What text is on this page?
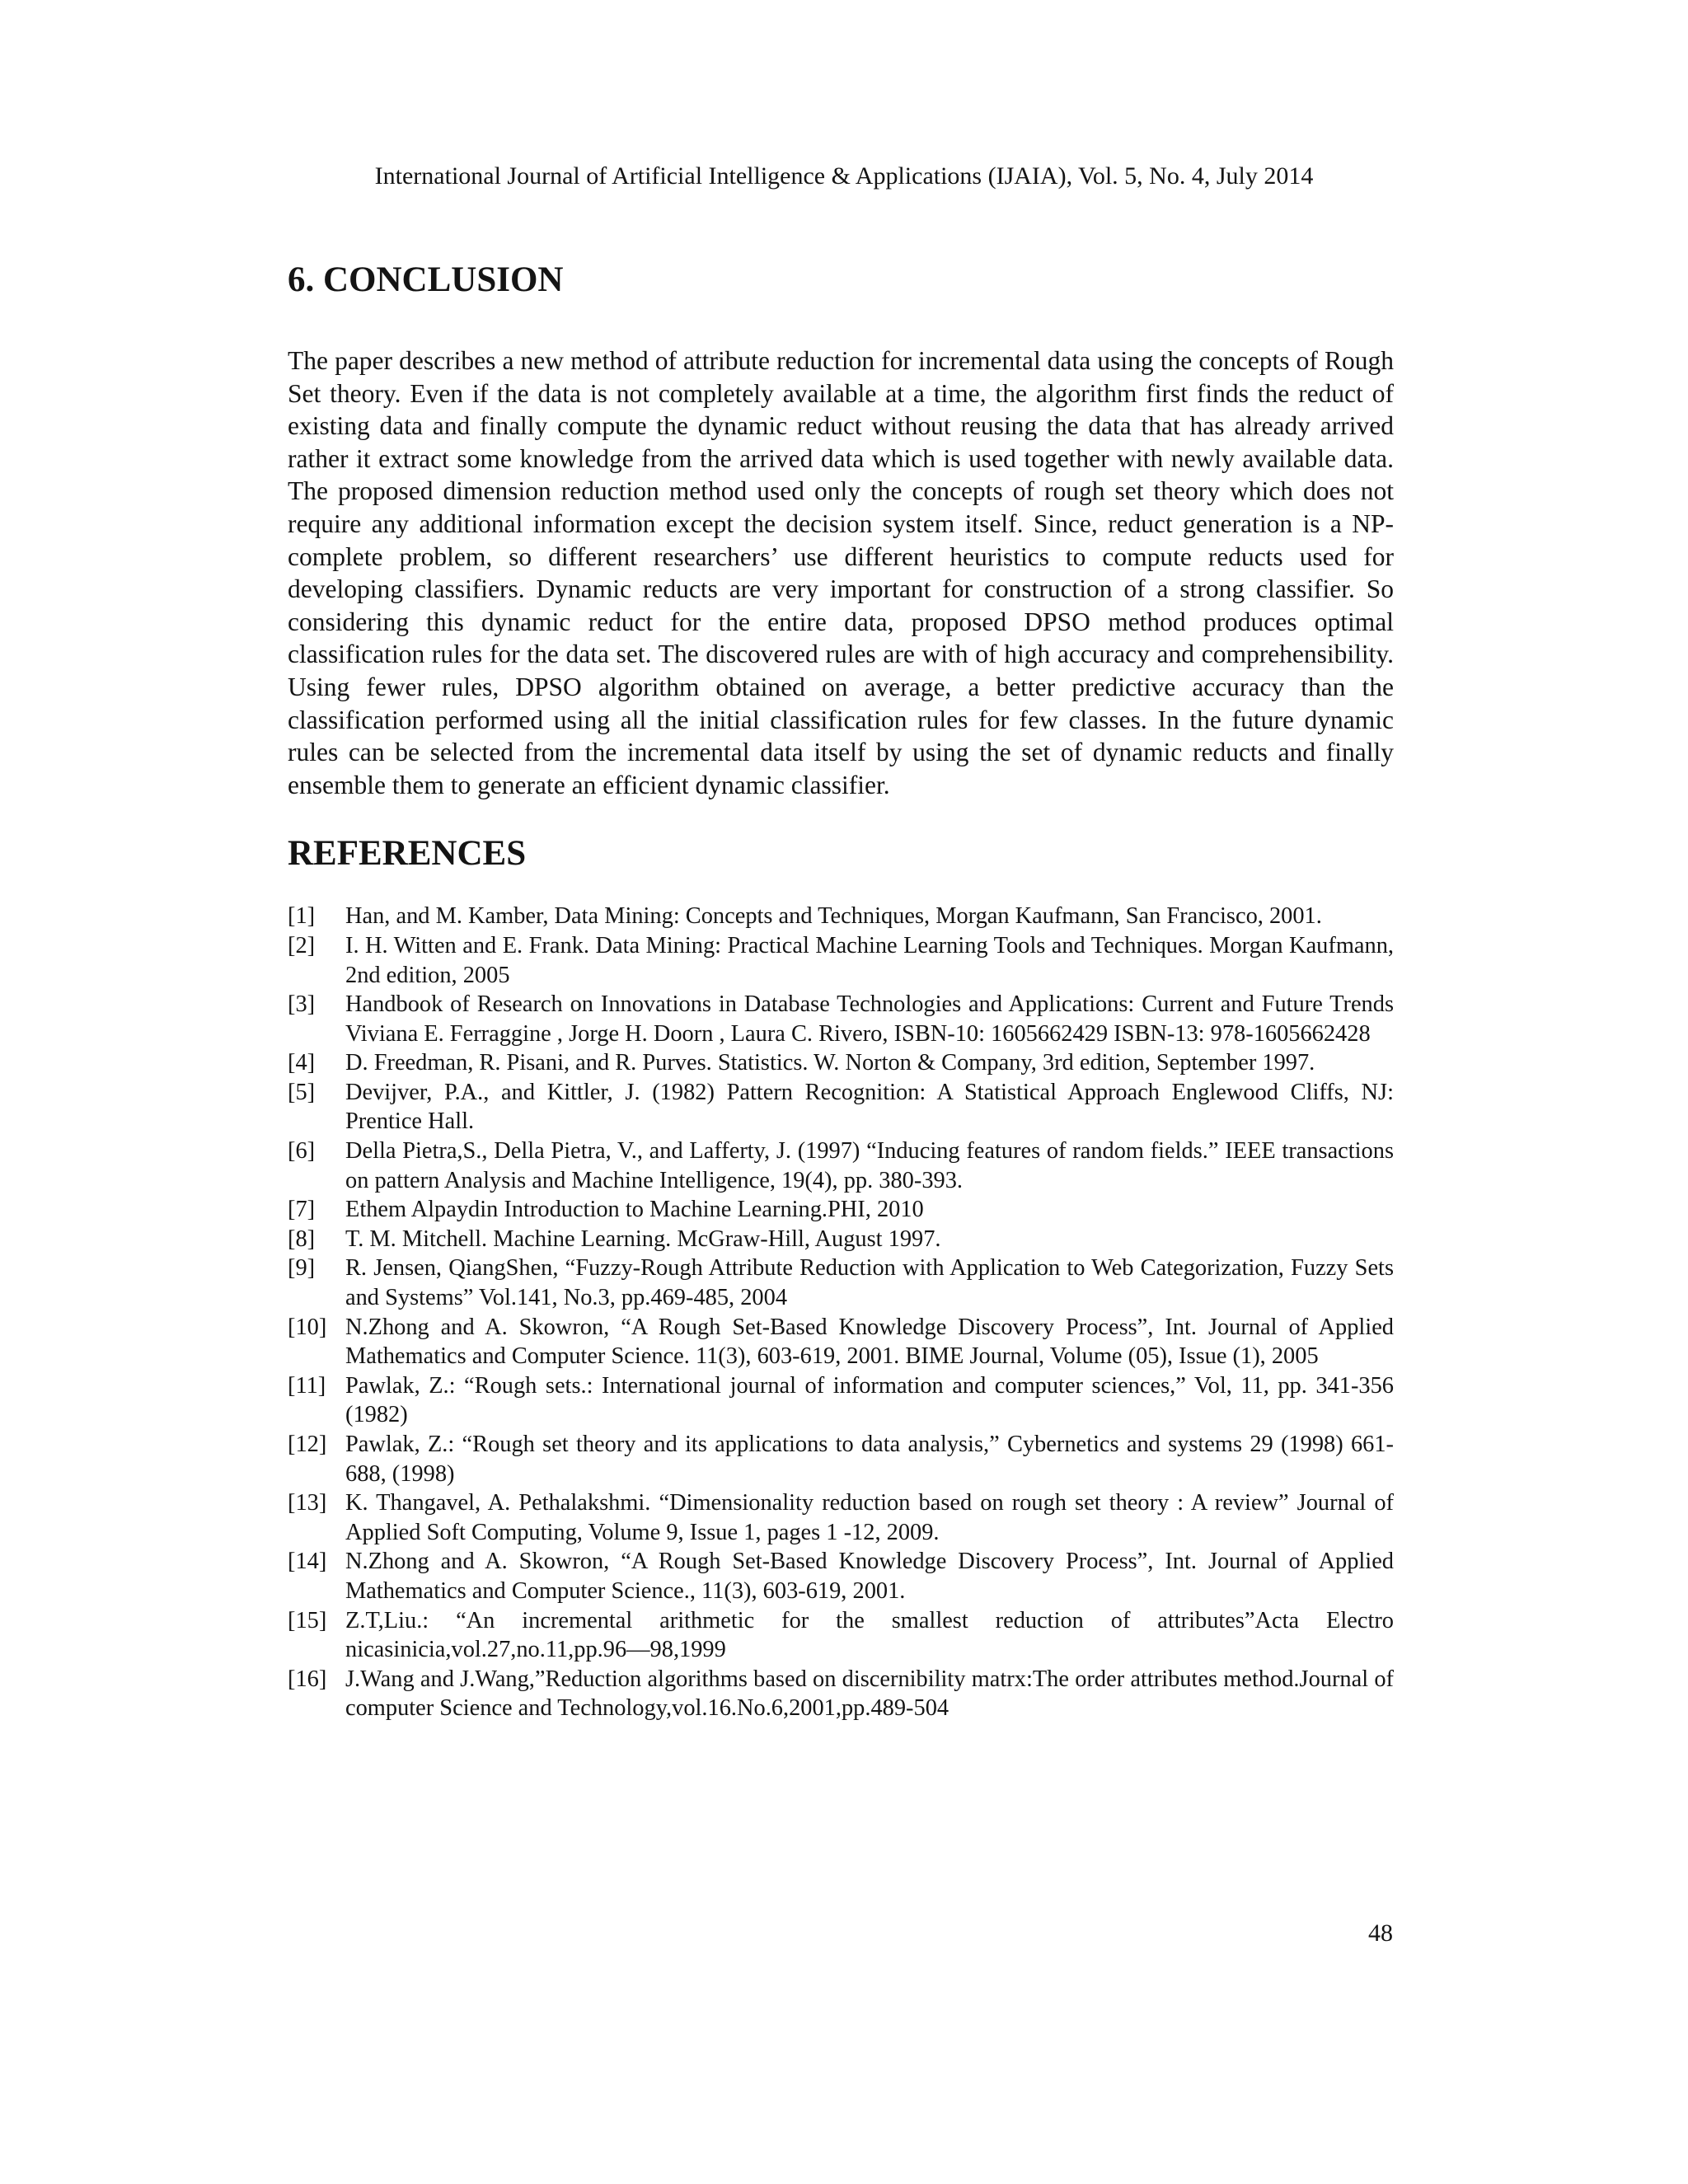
International Journal of Artificial Intelligence & Applications (IJAIA), Vol. 5, No. 4, July 2014
6. CONCLUSION

The paper describes a new method of attribute reduction for incremental data using the concepts of Rough Set theory. Even if the data is not completely available at a time, the algorithm first finds the reduct of existing data and finally compute the dynamic reduct without reusing the data that has already arrived rather it extract some knowledge from the arrived data which is used together with newly available data. The proposed dimension reduction method used only the concepts of rough set theory which does not require any additional information except the decision system itself. Since, reduct generation is a NP-complete problem, so different researchers’ use different heuristics to compute reducts used for developing classifiers. Dynamic reducts are very important for construction of a strong classifier. So considering this dynamic reduct for the entire data, proposed DPSO method produces optimal classification rules for the data set. The discovered rules are with of high accuracy and comprehensibility. Using fewer rules, DPSO algorithm obtained on average, a better predictive accuracy than the classification performed using all the initial classification rules for few classes. In the future dynamic rules can be selected from the incremental data itself by using the set of dynamic reducts and finally ensemble them to generate an efficient dynamic classifier.

REFERENCES
[1]	Han, and M. Kamber, Data Mining: Concepts and Techniques, Morgan Kaufmann, San Francisco, 2001.
[2]	I. H. Witten and E. Frank. Data Mining: Practical Machine Learning Tools and Techniques. Morgan Kaufmann, 2nd edition, 2005
[3]	Handbook of Research on Innovations in Database Technologies and Applications: Current and Future Trends Viviana E. Ferraggine , Jorge H. Doorn , Laura C. Rivero, ISBN-10: 1605662429 ISBN-13: 978-1605662428
[4]	D. Freedman, R. Pisani, and R. Purves. Statistics. W. Norton & Company, 3rd edition, September 1997.
[5]	Devijver, P.A., and Kittler, J. (1982) Pattern Recognition: A Statistical Approach Englewood Cliffs, NJ: Prentice Hall.
[6]	Della Pietra,S., Della Pietra, V., and Lafferty, J. (1997) “Inducing features of random fields.” IEEE transactions on pattern Analysis and Machine Intelligence, 19(4), pp. 380-393.
[7]	Ethem Alpaydin Introduction to Machine Learning.PHI, 2010
[8]	T. M. Mitchell. Machine Learning. McGraw-Hill, August 1997.
[9]	R. Jensen, QiangShen, “Fuzzy-Rough Attribute Reduction with Application to Web Categorization, Fuzzy Sets and Systems” Vol.141, No.3, pp.469-485, 2004
[10] N.Zhong and A. Skowron, “A Rough Set-Based Knowledge Discovery Process”, Int. Journal of Applied Mathematics and Computer Science. 11(3), 603-619, 2001. BIME Journal, Volume (05), Issue (1), 2005
[11] Pawlak, Z.: “Rough sets.: International journal of information and computer sciences,” Vol, 11, pp. 341-356 (1982)
[12] Pawlak, Z.: “Rough set theory and its applications to data analysis,” Cybernetics and systems 29 (1998) 661-688, (1998)
[13] K. Thangavel, A. Pethalakshmi. “Dimensionality reduction based on rough set theory : A review” Journal of Applied Soft Computing, Volume 9, Issue 1, pages 1 -12, 2009.
[14] N.Zhong and A. Skowron, “A Rough Set-Based Knowledge Discovery Process”, Int. Journal of Applied Mathematics and Computer Science., 11(3), 603-619, 2001.
[15] Z.T,Liu.: “An incremental arithmetic for the smallest reduction of attributes”Acta Electro nicasinicia,vol.27,no.11,pp.96—98,1999
[16] J.Wang and J.Wang,”Reduction algorithms based on discernibility matrx:The order attributes method.Journal of computer Science and Technology,vol.16.No.6,2001,pp.489-504
48
